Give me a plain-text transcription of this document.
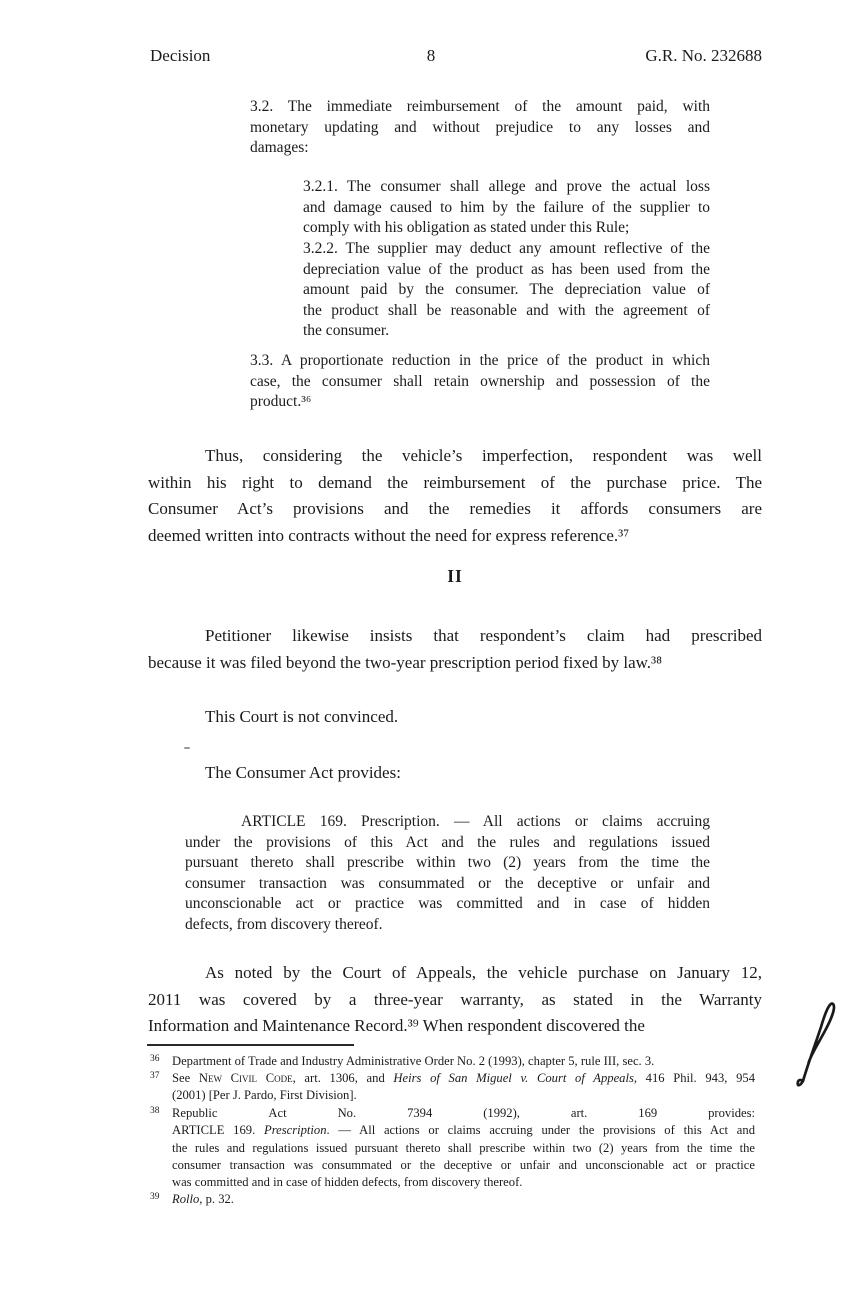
Decision	8	G.R. No. 232688
3.2. The immediate reimbursement of the amount paid, with
monetary updating and without prejudice to any losses and
damages:
3.2.1. The consumer shall allege and prove the actual loss
and damage caused to him by the failure of the supplier to
comply with his obligation as stated under this Rule;
3.2.2. The supplier may deduct any amount reflective of the
depreciation value of the product as has been used from the
amount paid by the consumer. The depreciation value of
the product shall be reasonable and with the agreement of
the consumer.
3.3. A proportionate reduction in the price of the product in which
case, the consumer shall retain ownership and possession of the
product.³⁶
Thus, considering the vehicle’s imperfection, respondent was well
within his right to demand the reimbursement of the purchase price. The
Consumer Act’s provisions and the remedies it affords consumers are
deemed written into contracts without the need for express reference.³⁷
II
Petitioner likewise insists that respondent’s claim had prescribed
because it was filed beyond the two-year prescription period fixed by law.³⁸
This Court is not convinced.
The Consumer Act provides:
ARTICLE 169. Prescription. — All actions or claims accruing
under the provisions of this Act and the rules and regulations issued
pursuant thereto shall prescribe within two (2) years from the time the
consumer transaction was consummated or the deceptive or unfair and
unconscionable act or practice was committed and in case of hidden
defects, from discovery thereof.
As noted by the Court of Appeals, the vehicle purchase on January 12,
2011 was covered by a three-year warranty, as stated in the Warranty
Information and Maintenance Record.³⁹ When respondent discovered the
36 Department of Trade and Industry Administrative Order No. 2 (1993), chapter 5, rule III, sec. 3.
37 See New Civil Code, art. 1306, and Heirs of San Miguel v. Court of Appeals, 416 Phil. 943, 954
(2001) [Per J. Pardo, First Division].
38 Republic	Act	No.	7394	(1992),	art.	169	provides:
ARTICLE 169. Prescription. — All actions or claims accruing under the provisions of this Act and
the rules and regulations issued pursuant thereto shall prescribe within two (2) years from the time the
consumer transaction was consummated or the deceptive or unfair and unconscionable act or practice
was committed and in case of hidden defects, from discovery thereof.
39 Rollo, p. 32.
